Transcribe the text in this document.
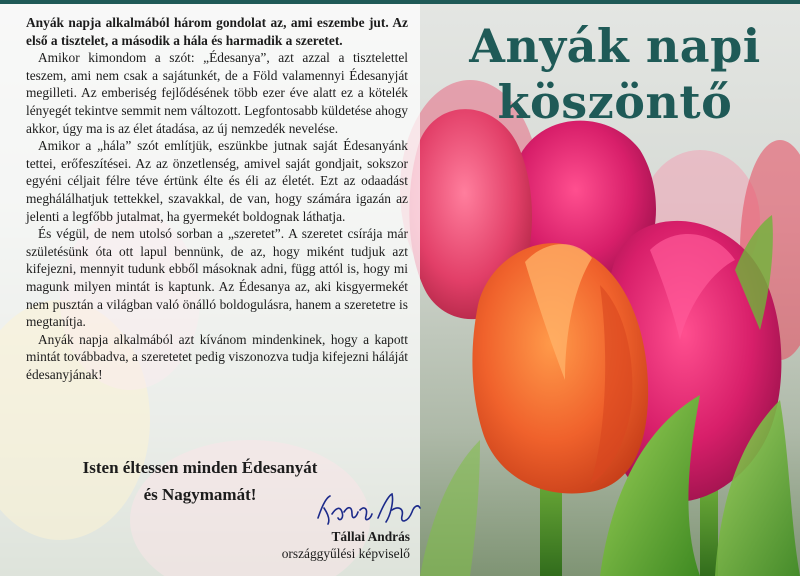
Anyák napi
köszöntő

Anyák napja alkalmából három gondolat az, ami eszembe jut. Az első a tisztelet, a második a hála és harmadik a szeretet.

Amikor kimondom a szót: „Édesanya”, azt azzal a tisztelettel teszem, ami nem csak a sajátunkét, de a Föld valamennyi Édesanyját megilleti. Az emberiség fejlődésének több ezer éve alatt ez a kötelék lényegét tekintve semmit nem változott. Legfontosabb küldetése ahogy akkor, úgy ma is az élet átadása, az új nemzedék nevelése.

Amikor a „hála” szót említjük, eszünkbe jutnak saját Édesanyánk tettei, erőfeszítései. Az az önzetlenség, amivel saját gondjait, sokszor egyéni céljait félre téve értünk élte és éli az életét. Ezt az odaadást meghálálhatjuk tettekkel, szavakkal, de van, hogy számára igazán az jelenti a legfőbb jutalmat, ha gyermekét boldognak láthatja.

És végül, de nem utolsó sorban a „szeretet”. A szeretet csírája már születésünk óta ott lapul bennünk, de az, hogy miként tudjuk azt kifejezni, mennyit tudunk ebből másoknak adni, függ attól is, hogy mi magunk milyen mintát is kaptunk. Az Édesanya az, aki kisgyermekét nem pusztán a világban való önálló boldogulásra, hanem a szeretetre is megtanítja.

Anyák napja alkalmából azt kívánom mindenkinek, hogy a kapott mintát továbbadva, a szeretetet pedig viszonozva tudja kifejezni háláját édesanyjának!

Isten éltessen minden Édesanyát
és Nagymamát!
Tállai András
országgyűlési képviselő
